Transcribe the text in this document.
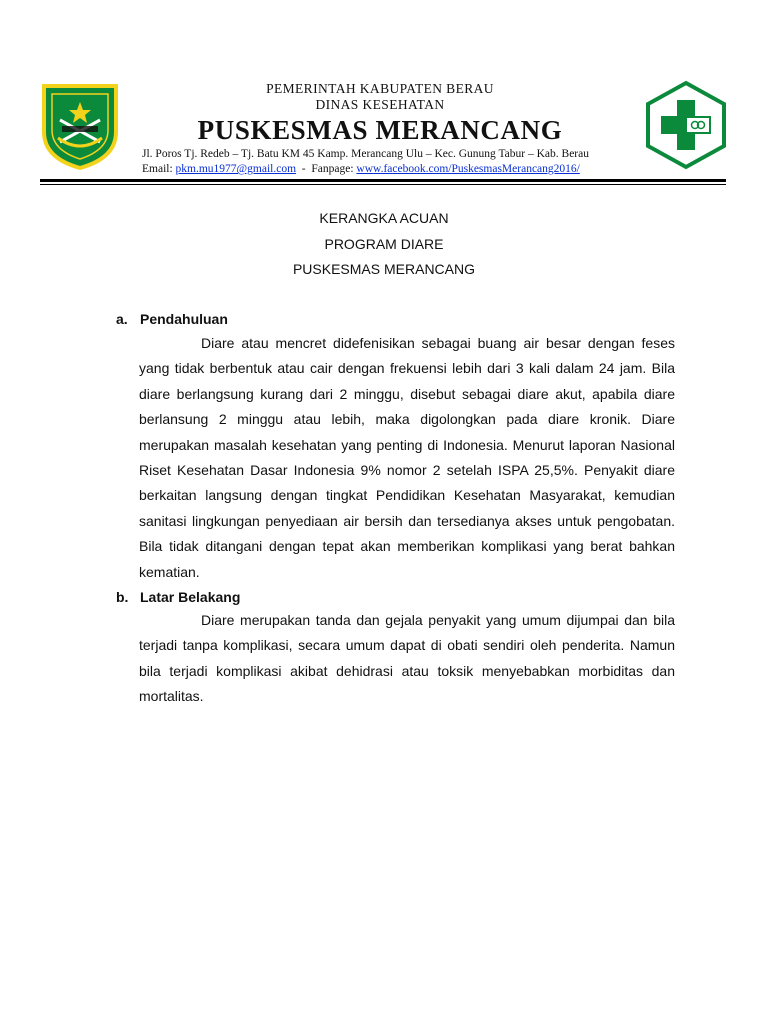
PEMERINTAH KABUPATEN BERAU
DINAS KESEHATAN
PUSKESMAS MERANCANG
Jl. Poros Tj. Redeb – Tj. Batu KM 45 Kamp. Merancang Ulu – Kec. Gunung Tabur – Kab. Berau
Email: pkm.mu1977@gmail.com - Fanpage: www.facebook.com/PuskesmasMerancang2016/
KERANGKA ACUAN
PROGRAM DIARE
PUSKESMAS MERANCANG
a. Pendahuluan
Diare atau mencret didefenisikan sebagai buang air besar dengan feses yang tidak berbentuk atau cair dengan frekuensi lebih dari 3 kali dalam 24 jam. Bila diare berlangsung kurang dari 2 minggu, disebut sebagai diare akut, apabila diare berlansung 2 minggu atau lebih, maka digolongkan pada diare kronik. Diare merupakan masalah kesehatan yang penting di Indonesia. Menurut laporan Nasional Riset Kesehatan Dasar Indonesia 9% nomor 2 setelah ISPA 25,5%. Penyakit diare berkaitan langsung dengan tingkat Pendidikan Kesehatan Masyarakat, kemudian sanitasi lingkungan penyediaan air bersih dan tersedianya akses untuk pengobatan. Bila tidak ditangani dengan tepat akan memberikan komplikasi yang berat bahkan kematian.
b. Latar Belakang
Diare merupakan tanda dan gejala penyakit yang umum dijumpai dan bila terjadi tanpa komplikasi, secara umum dapat di obati sendiri oleh penderita. Namun bila terjadi komplikasi akibat dehidrasi atau toksik menyebabkan morbiditas dan mortalitas.
